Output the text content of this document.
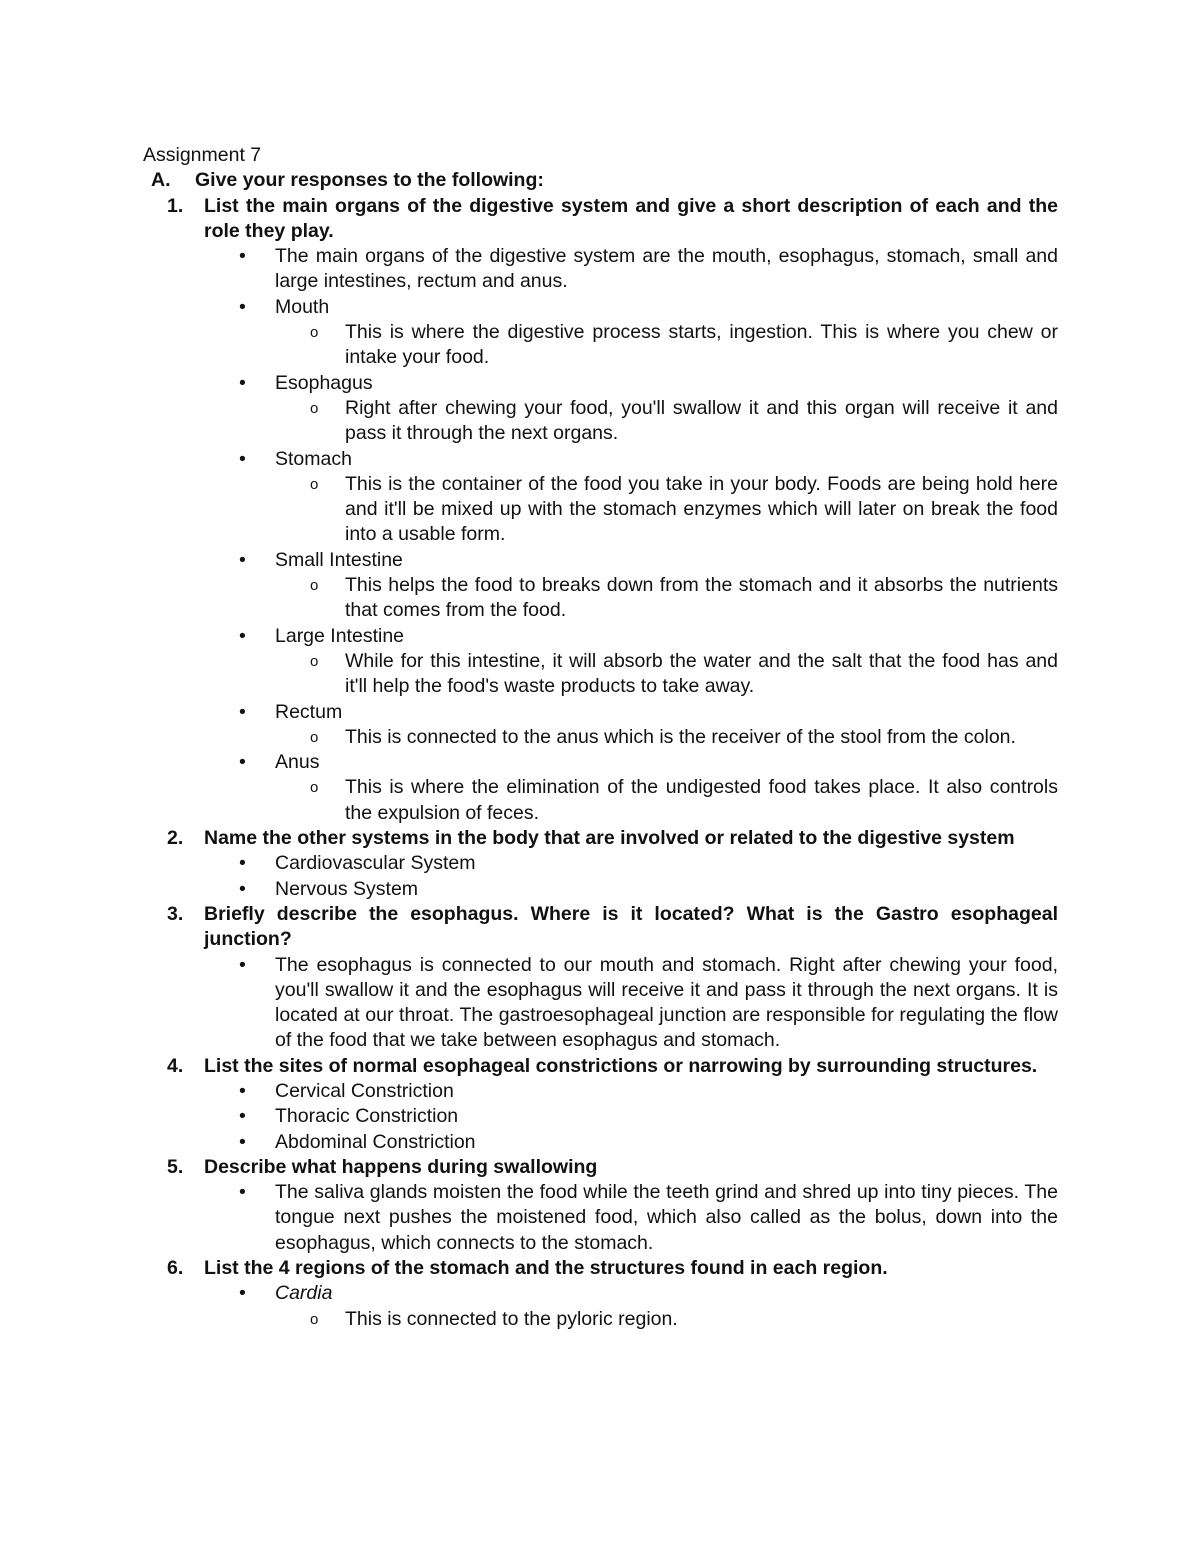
Assignment 7
A.	Give your responses to the following:
1.	List the main organs of the digestive system and give a short description of each and the role they play.
•	The main organs of the digestive system are the mouth, esophagus, stomach, small and large intestines, rectum and anus.
•	Mouth
o	This is where the digestive process starts, ingestion. This is where you chew or intake your food.
•	Esophagus
o	Right after chewing your food, you'll swallow it and this organ will receive it and pass it through the next organs.
•	Stomach
o	This is the container of the food you take in your body. Foods are being hold here and it'll be mixed up with the stomach enzymes which will later on break the food into a usable form.
•	Small Intestine
o	This helps the food to breaks down from the stomach and it absorbs the nutrients that comes from the food.
•	Large Intestine
o	While for this intestine, it will absorb the water and the salt that the food has and it'll help the food's waste products to take away.
•	Rectum
o	This is connected to the anus which is the receiver of the stool from the colon.
•	Anus
o	This is where the elimination of the undigested food takes place. It also controls the expulsion of feces.
2.	Name the other systems in the body that are involved or related to the digestive system
•	Cardiovascular System
•	Nervous System
3.	Briefly describe the esophagus. Where is it located? What is the Gastro esophageal junction?
•	The esophagus is connected to our mouth and stomach. Right after chewing your food, you'll swallow it and the esophagus will receive it and pass it through the next organs. It is located at our throat. The gastroesophageal junction are responsible for regulating the flow of the food that we take between esophagus and stomach.
4.	List the sites of normal esophageal constrictions or narrowing by surrounding structures.
•	Cervical Constriction
•	Thoracic Constriction
•	Abdominal Constriction
5.	Describe what happens during swallowing
•	The saliva glands moisten the food while the teeth grind and shred up into tiny pieces. The tongue next pushes the moistened food, which also called as the bolus, down into the esophagus, which connects to the stomach.
6.	List the 4 regions of the stomach and the structures found in each region.
•	Cardia
o	This is connected to the pyloric region.
